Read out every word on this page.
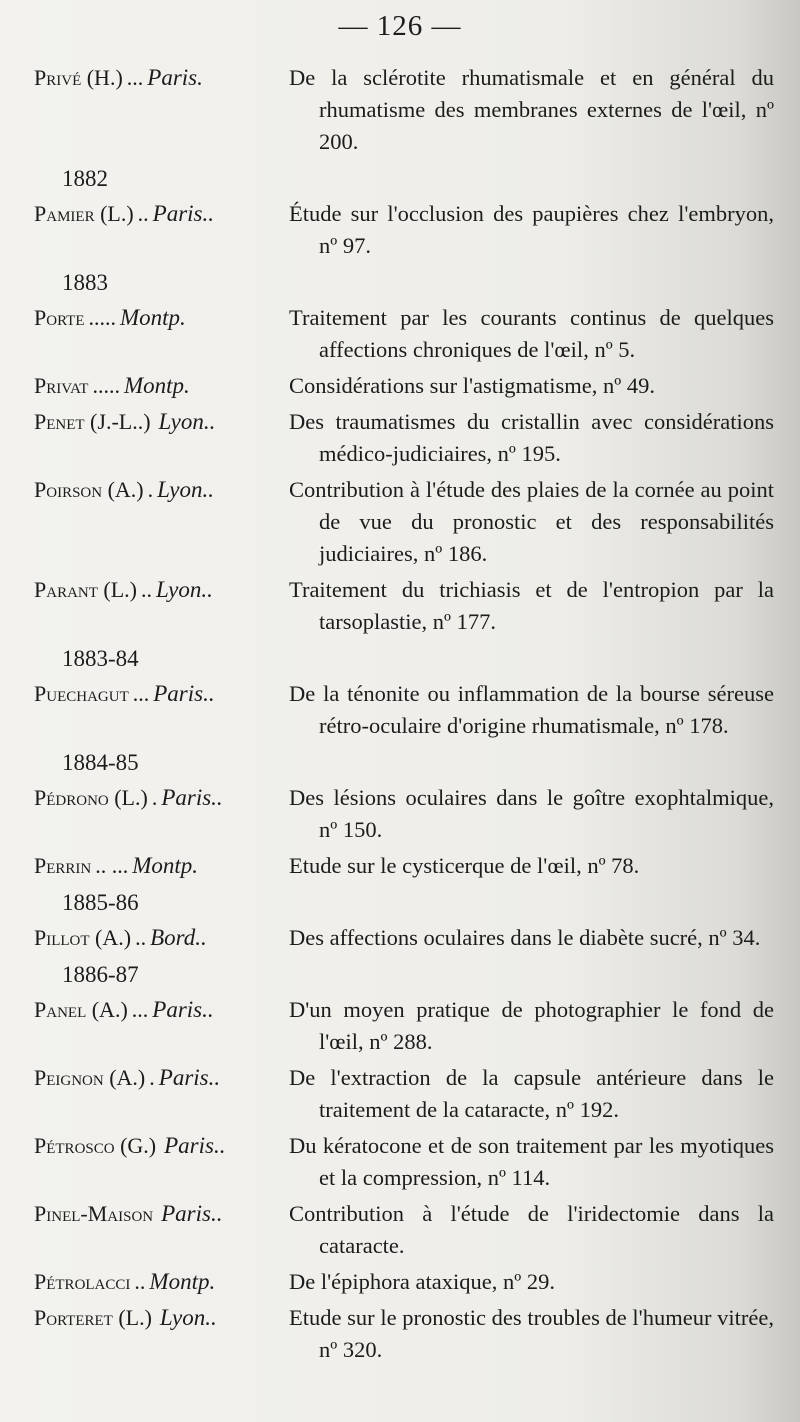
— 126 —
Privé (H.) ... Paris.	De la sclérotite rhumatismale et en général du rhumatisme des membranes externes de l'œil, nº 200.
1882
Pamier (L.) .. Paris..	Étude sur l'occlusion des paupières chez l'embryon, nº 97.
1883
Porte ..... Montp.	Traitement par les courants continus de quelques affections chroniques de l'œil, nº 5.
Privat ..... Montp.	Considérations sur l'astigmatisme, nº 49.
Penet (J.-L..) Lyon..	Des traumatismes du cristallin avec considérations médico-judiciaires, nº 195.
Poirson (A.) . Lyon..	Contribution à l'étude des plaies de la cornée au point de vue du pronostic et des responsabilités judiciaires, nº 186.
Parant (L.) .. Lyon..	Traitement du trichiasis et de l'entropion par la tarsoplastie, nº 177.
1883-84
Puechagut ... Paris..	De la ténonite ou inflammation de la bourse séreuse rétro-oculaire d'origine rhumatismale, nº 178.
1884-85
Pédrono (L.) . Paris..	Des lésions oculaires dans le goître exophtalmique, nº 150.
Perrin .. ... Montp.	Etude sur le cysticerque de l'œil, nº 78.
1885-86
Pillot (A.) .. Bord..	Des affections oculaires dans le diabète sucré, nº 34.
1886-87
Panel (A.) ... Paris..	D'un moyen pratique de photographier le fond de l'œil, nº 288.
Peignon (A.) . Paris..	De l'extraction de la capsule antérieure dans le traitement de la cataracte, nº 192.
Pétrosco (G.) Paris..	Du kératocone et de son traitement par les myotiques et la compression, nº 114.
Pinel-Maison Paris..	Contribution à l'étude de l'iridectomie dans la cataracte.
Pétrolacci .. Montp.	De l'épiphora ataxique, nº 29.
Porteret (L.) Lyon..	Etude sur le pronostic des troubles de l'humeur vitrée, nº 320.
